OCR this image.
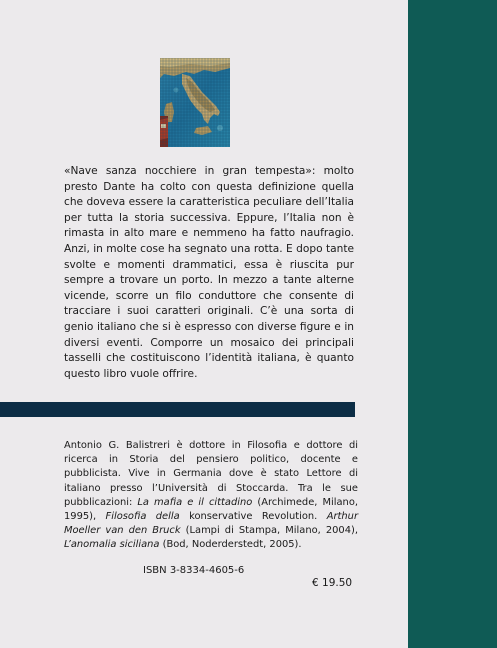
«Nave sanza nocchiere in gran tempesta»: molto presto Dante ha colto con questa definizione quella che doveva essere la caratteristica peculiare dell’Italia per tutta la storia successiva. Eppure, l’Italia non è rimasta in alto mare e nemmeno ha fatto naufragio. Anzi, in molte cose ha segnato una rotta. E dopo tante svolte e momenti drammatici, essa è riuscita pur sempre a trovare un porto. In mezzo a tante alterne vicende, scorre un filo conduttore che consente di tracciare i suoi caratteri originali. C’è una sorta di genio italiano che si è espresso con diverse figure e in diversi eventi. Comporre un mosaico dei principali tasselli che costituiscono l’identità italiana, è quanto questo libro vuole offrire.

Antonio G. Balistreri è dottore in Filosofia e dottore di ricerca in Storia del pensiero politico, docente e pubblicista. Vive in Germania dove è stato Lettore di italiano presso l’Università di Stoccarda. Tra le sue pubblicazioni: La mafia e il cittadino (Archimede, Milano, 1995), Filosofia della konservative Revolution. Arthur Moeller van den Bruck (Lampi di Stampa, Milano, 2004), L’anomalia siciliana (Bod, Noderderstedt, 2005).

ISBN 3-8334-4605-6
€ 19.50
